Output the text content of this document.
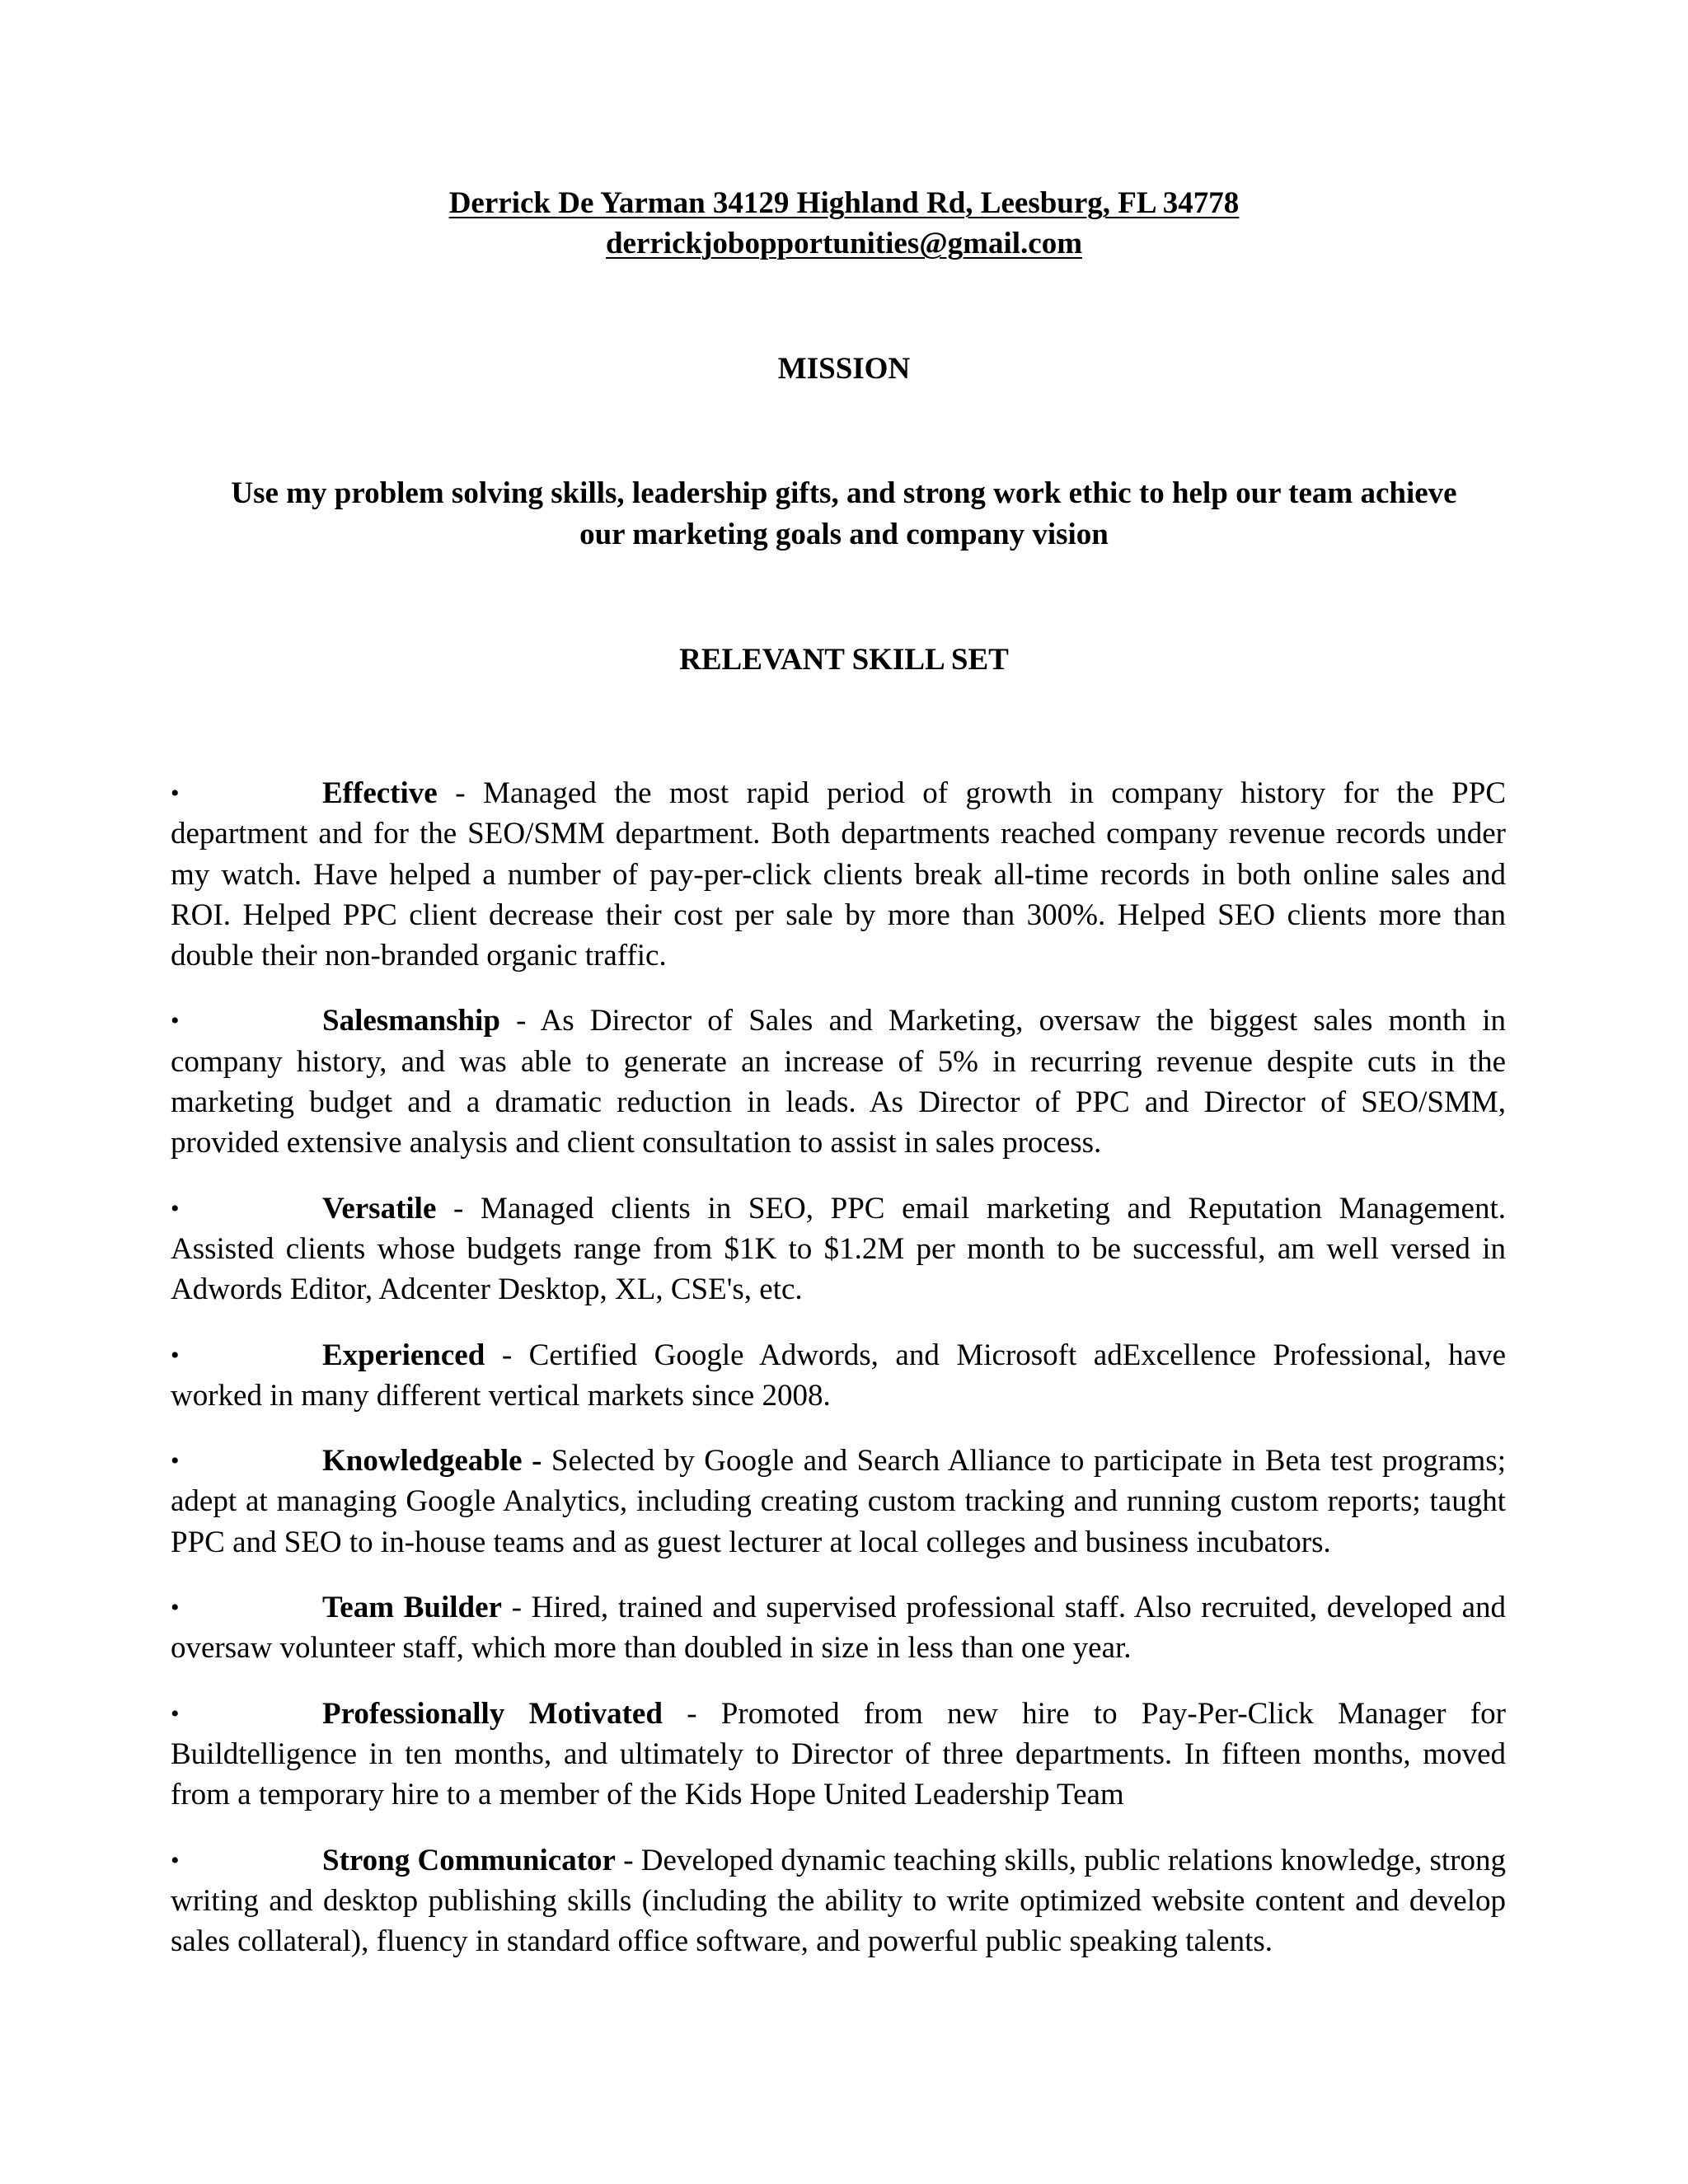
Derrick De Yarman 34129 Highland Rd, Leesburg, FL 34778
derrickjobopportunities@gmail.com
MISSION
Use my problem solving skills, leadership gifts, and strong work ethic to help our team achieve
our marketing goals and company vision
RELEVANT SKILL SET
•	Effective - Managed the most rapid period of growth in company history for the PPC department and for the SEO/SMM department. Both departments reached company revenue records under my watch. Have helped a number of pay-per-click clients break all-time records in both online sales and ROI. Helped PPC client decrease their cost per sale by more than 300%. Helped SEO clients more than double their non-branded organic traffic.
•	Salesmanship - As Director of Sales and Marketing, oversaw the biggest sales month in company history, and was able to generate an increase of 5% in recurring revenue despite cuts in the marketing budget and a dramatic reduction in leads. As Director of PPC and Director of SEO/SMM, provided extensive analysis and client consultation to assist in sales process.
•	Versatile - Managed clients in SEO, PPC email marketing and Reputation Management. Assisted clients whose budgets range from $1K to $1.2M per month to be successful, am well versed in Adwords Editor, Adcenter Desktop, XL, CSE's, etc.
•	Experienced - Certified Google Adwords, and Microsoft adExcellence Professional, have worked in many different vertical markets since 2008.
•	Knowledgeable - Selected by Google and Search Alliance to participate in Beta test programs; adept at managing Google Analytics, including creating custom tracking and running custom reports; taught PPC and SEO to in-house teams and as guest lecturer at local colleges and business incubators.
•	Team Builder - Hired, trained and supervised professional staff. Also recruited, developed and oversaw volunteer staff, which more than doubled in size in less than one year.
•	Professionally Motivated - Promoted from new hire to Pay-Per-Click Manager for Buildtelligence in ten months, and ultimately to Director of three departments. In fifteen months, moved from a temporary hire to a member of the Kids Hope United Leadership Team
•	Strong Communicator - Developed dynamic teaching skills, public relations knowledge, strong writing and desktop publishing skills (including the ability to write optimized website content and develop sales collateral), fluency in standard office software, and powerful public speaking talents.
